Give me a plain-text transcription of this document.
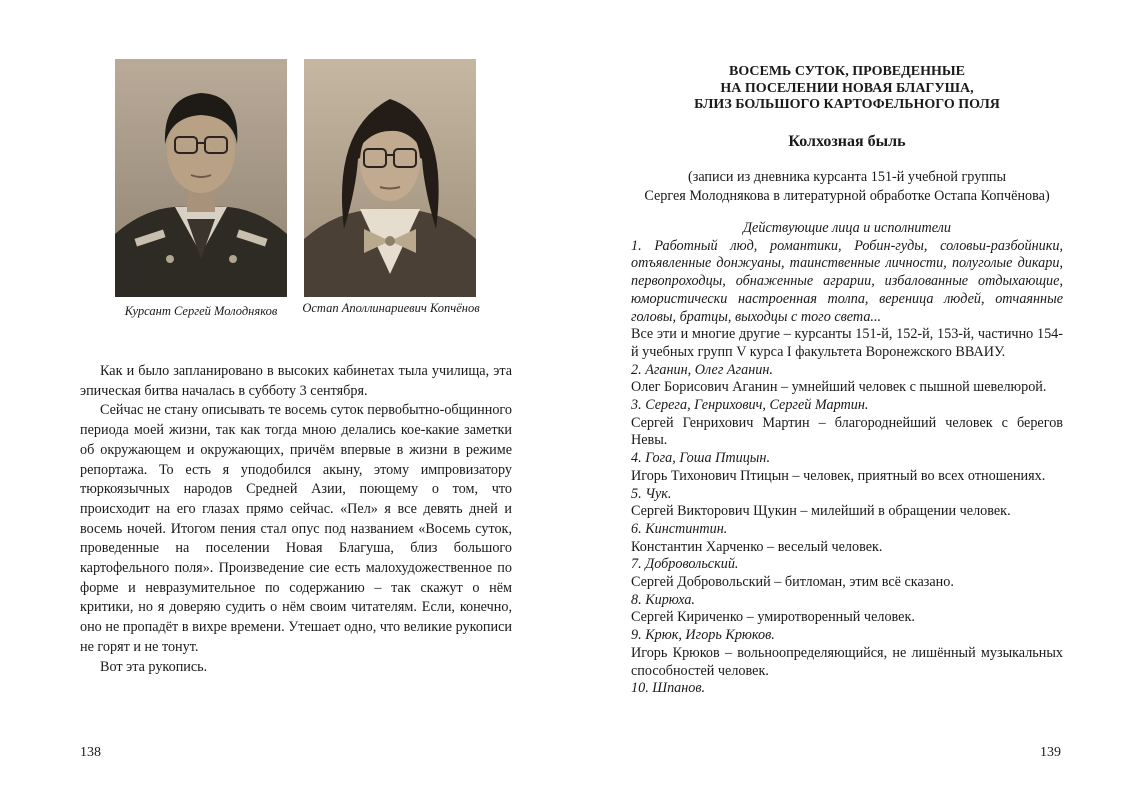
Курсант Сергей Молодняков	Остап Аполлинариевич Копчёнов

Как и было запланировано в высоких кабинетах тыла училища, эта эпическая битва началась в субботу 3 сентября.

Сейчас не стану описывать те восемь суток первобытно-общинного периода моей жизни, так как тогда мною делались кое-какие заметки об окружающем и окружающих, причём впервые в жизни в режиме репортажа. То есть я уподобился акыну, этому импровизатору тюркоязычных народов Средней Азии, поющему о том, что происходит на его глазах прямо сейчас. «Пел» я все девять дней и восемь ночей. Итогом пения стал опус под названием «Восемь суток, проведенные на поселении Новая Благуша, близ большого картофельного поля». Произведение сие есть малохудожественное по форме и невразумительное по содержанию – так скажут о нём критики, но я доверяю судить о нём своим читателям. Если, конечно, оно не пропадёт в вихре времени. Утешает одно, что великие рукописи не горят и не тонут.

Вот эта рукопись.

138
ВОСЕМЬ СУТОК, ПРОВЕДЕННЫЕ
НА ПОСЕЛЕНИИ НОВАЯ БЛАГУША,
БЛИЗ БОЛЬШОГО КАРТОФЕЛЬНОГО ПОЛЯ
Колхозная быль
(записи из дневника курсанта 151-й учебной группы
Сергея Молоднякова в литературной обработке Остапа Копчёнова)
Действующие лица и исполнители

1. Работный люд, романтики, Робин-гуды, соловьи-разбойники, отъявленные донжуаны, таинственные личности, полуголые дикари, первопроходцы, обнаженные аграрии, избалованные отдыхающие, юмористически настроенная толпа, вереница людей, отчаянные головы, братцы, выходцы с того света...

Все эти и многие другие – курсанты 151-й, 152-й, 153-й, частично 154-й учебных групп V курса I факультета Воронежского ВВАИУ.

2. Аганин, Олег Аганин.

Олег Борисович Аганин – умнейший человек с пышной шевелюрой.

3. Серега, Генрихович, Сергей Мартин.

Сергей Генрихович Мартин – благороднейший человек с берегов Невы.

4. Гога, Гоша Птицын.

Игорь Тихонович Птицын – человек, приятный во всех отношениях.

5. Чук.

Сергей Викторович Щукин – милейший в обращении человек.

6. Кинстинтин.

Константин Харченко – веселый человек.

7. Добровольский.

Сергей Добровольский – битломан, этим всё сказано.

8. Кирюха.

Сергей Кириченко – умиротворенный человек.

9. Крюк, Игорь Крюков.

Игорь Крюков – вольноопределяющийся, не лишённый музыкальных способностей человек.

10. Шпанов.

139
